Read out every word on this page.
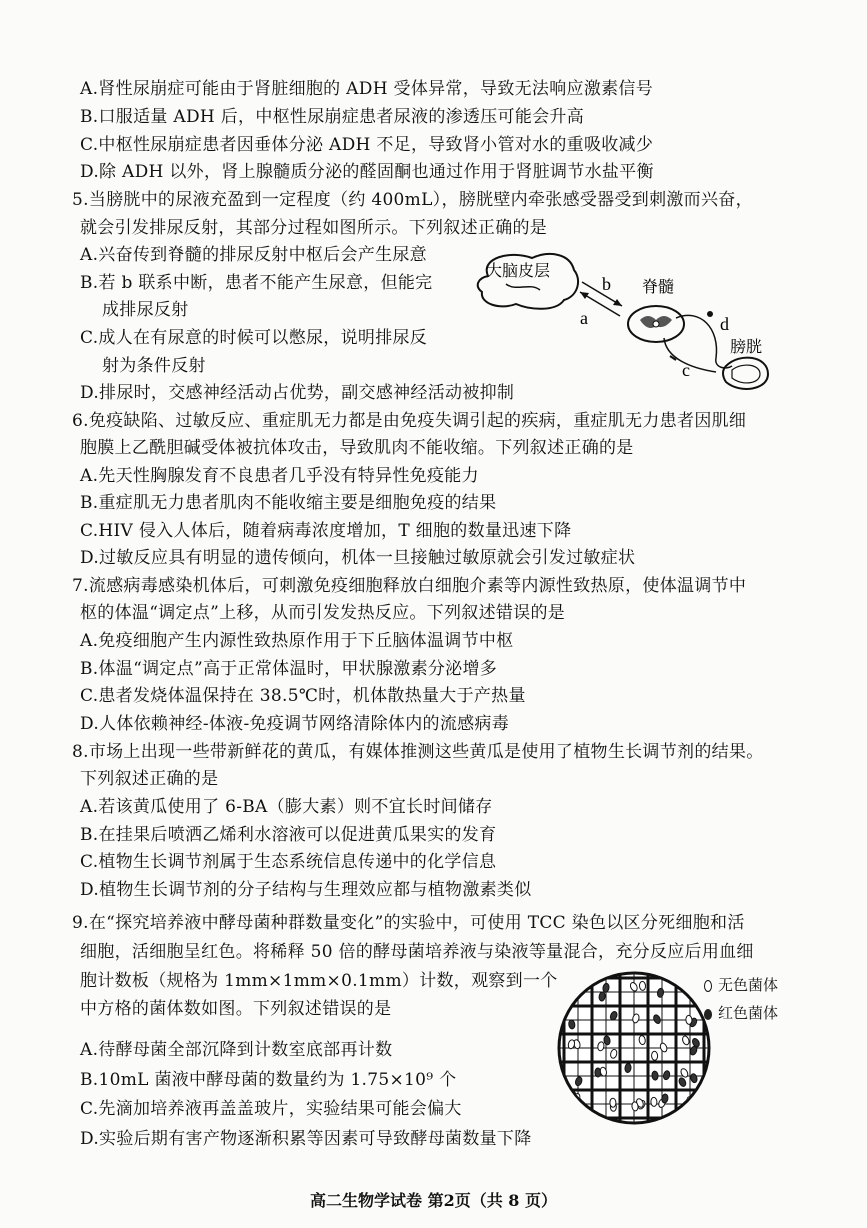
A.肾性尿崩症可能由于肾脏细胞的 ADH 受体异常，导致无法响应激素信号
B.口服适量 ADH 后，中枢性尿崩症患者尿液的渗透压可能会升高
C.中枢性尿崩症患者因垂体分泌 ADH 不足，导致肾小管对水的重吸收减少
D.除 ADH 以外，肾上腺髓质分泌的醛固酮也通过作用于肾脏调节水盐平衡
5.当膀胱中的尿液充盈到一定程度（约 400mL），膀胱壁内牵张感受器受到刺激而兴奋，
就会引发排尿反射，其部分过程如图所示。下列叙述正确的是
A.兴奋传到脊髓的排尿反射中枢后会产生尿意
B.若 b 联系中断，患者不能产生尿意，但能完
成排尿反射
C.成人在有尿意的时候可以憋尿，说明排尿反
射为条件反射
D.排尿时，交感神经活动占优势，副交感神经活动被抑制
6.免疫缺陷、过敏反应、重症肌无力都是由免疫失调引起的疾病，重症肌无力患者因肌细
胞膜上乙酰胆碱受体被抗体攻击，导致肌肉不能收缩。下列叙述正确的是
A.先天性胸腺发育不良患者几乎没有特异性免疫能力
B.重症肌无力患者肌肉不能收缩主要是细胞免疫的结果
C.HIV 侵入人体后，随着病毒浓度增加，T 细胞的数量迅速下降
D.过敏反应具有明显的遗传倾向，机体一旦接触过敏原就会引发过敏症状
7.流感病毒感染机体后，可刺激免疫细胞释放白细胞介素等内源性致热原，使体温调节中
枢的体温“调定点”上移，从而引发发热反应。下列叙述错误的是
A.免疫细胞产生内源性致热原作用于下丘脑体温调节中枢
B.体温“调定点”高于正常体温时，甲状腺激素分泌增多
C.患者发烧体温保持在 38.5℃时，机体散热量大于产热量
D.人体依赖神经-体液-免疫调节网络清除体内的流感病毒
8.市场上出现一些带新鲜花的黄瓜，有媒体推测这些黄瓜是使用了植物生长调节剂的结果。
下列叙述正确的是
A.若该黄瓜使用了 6-BA（膨大素）则不宜长时间储存
B.在挂果后喷洒乙烯利水溶液可以促进黄瓜果实的发育
C.植物生长调节剂属于生态系统信息传递中的化学信息
D.植物生长调节剂的分子结构与生理效应都与植物激素类似
9.在“探究培养液中酵母菌种群数量变化”的实验中，可使用 TCC 染色以区分死细胞和活
细胞，活细胞呈红色。将稀释 50 倍的酵母菌培养液与染液等量混合，充分反应后用血细
胞计数板（规格为 1mm×1mm×0.1mm）计数，观察到一个
中方格的菌体数如图。下列叙述错误的是
A.待酵母菌全部沉降到计数室底部再计数
B.10mL 菌液中酵母菌的数量约为 1.75×10⁹ 个
C.先滴加培养液再盖盖玻片，实验结果可能会偏大
D.实验后期有害产物逐渐积累等因素可导致酵母菌数量下降
大脑皮层
b
a
脊髓
d
c
膀胱
无色菌体
红色菌体
高二生物学试卷 第2页（共 8 页）
